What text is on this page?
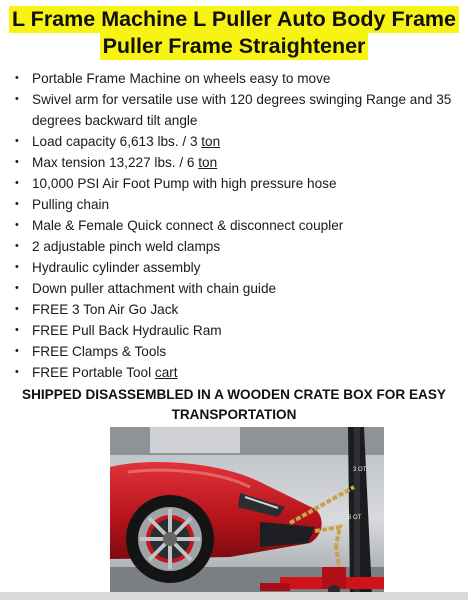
L Frame Machine L Puller Auto Body Frame
Puller Frame Straightener
• Portable Frame Machine on wheels easy to move
• Swivel arm for versatile use with 120 degrees swinging Range and 35 degrees backward tilt angle
• Load capacity 6,613 lbs. / 3 ton
• Max tension 13,227 lbs. / 6 ton
• 10,000 PSI Air Foot Pump with high pressure hose
• Pulling chain
• Male & Female Quick connect & disconnect coupler
• 2 adjustable pinch weld clamps
• Hydraulic cylinder assembly
• Down puller attachment with chain guide
• FREE 3 Ton Air Go Jack
• FREE Pull Back Hydraulic Ram
• FREE Clamps & Tools
• FREE Portable Tool cart
SHIPPED DISASSEMBLED IN A WOODEN CRATE BOX FOR EASY TRANSPORTATION
3 OT
6 OT
